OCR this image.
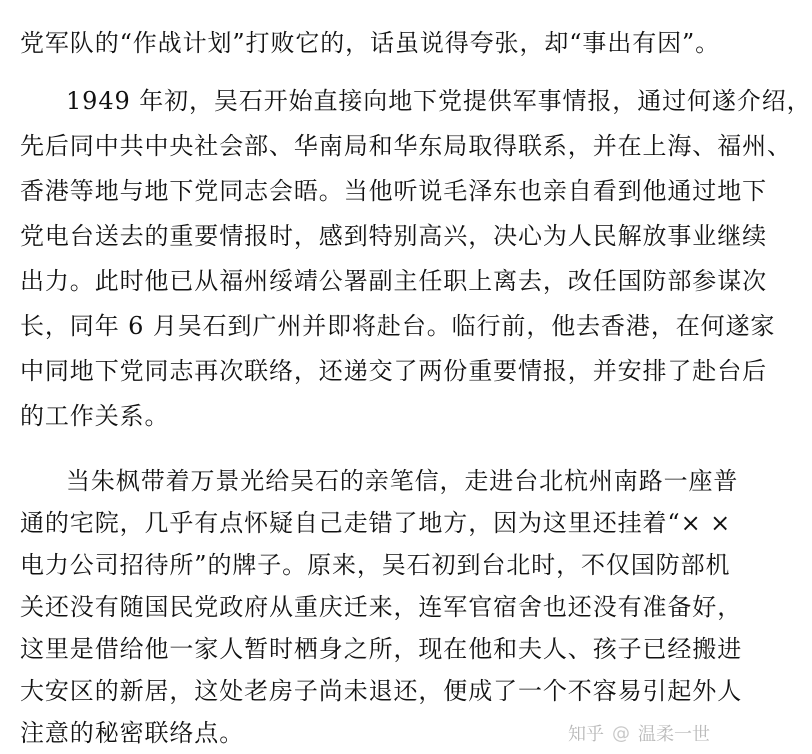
党军队的“作战计划”打败它的，话虽说得夸张，却“事出有因”。
1949 年初，吴石开始直接向地下党提供军事情报，通过何遂介绍，
先后同中共中央社会部、华南局和华东局取得联系，并在上海、福州、
香港等地与地下党同志会晤。当他听说毛泽东也亲自看到他通过地下
党电台送去的重要情报时，感到特别高兴，决心为人民解放事业继续
出力。此时他已从福州绥靖公署副主任职上离去，改任国防部参谋次
长，同年 6 月吴石到广州并即将赴台。临行前，他去香港，在何遂家
中同地下党同志再次联络，还递交了两份重要情报，并安排了赴台后
的工作关系。
当朱枫带着万景光给吴石的亲笔信，走进台北杭州南路一座普
通的宅院，几乎有点怀疑自己走错了地方，因为这里还挂着“× ×
电力公司招待所”的牌子。原来，吴石初到台北时，不仅国防部机
关还没有随国民党政府从重庆迁来，连军官宿舍也还没有准备好，
这里是借给他一家人暂时栖身之所，现在他和夫人、孩子已经搬进
大安区的新居，这处老房子尚未退还，便成了一个不容易引起外人
注意的秘密联络点。	知乎 @ 温柔一世
